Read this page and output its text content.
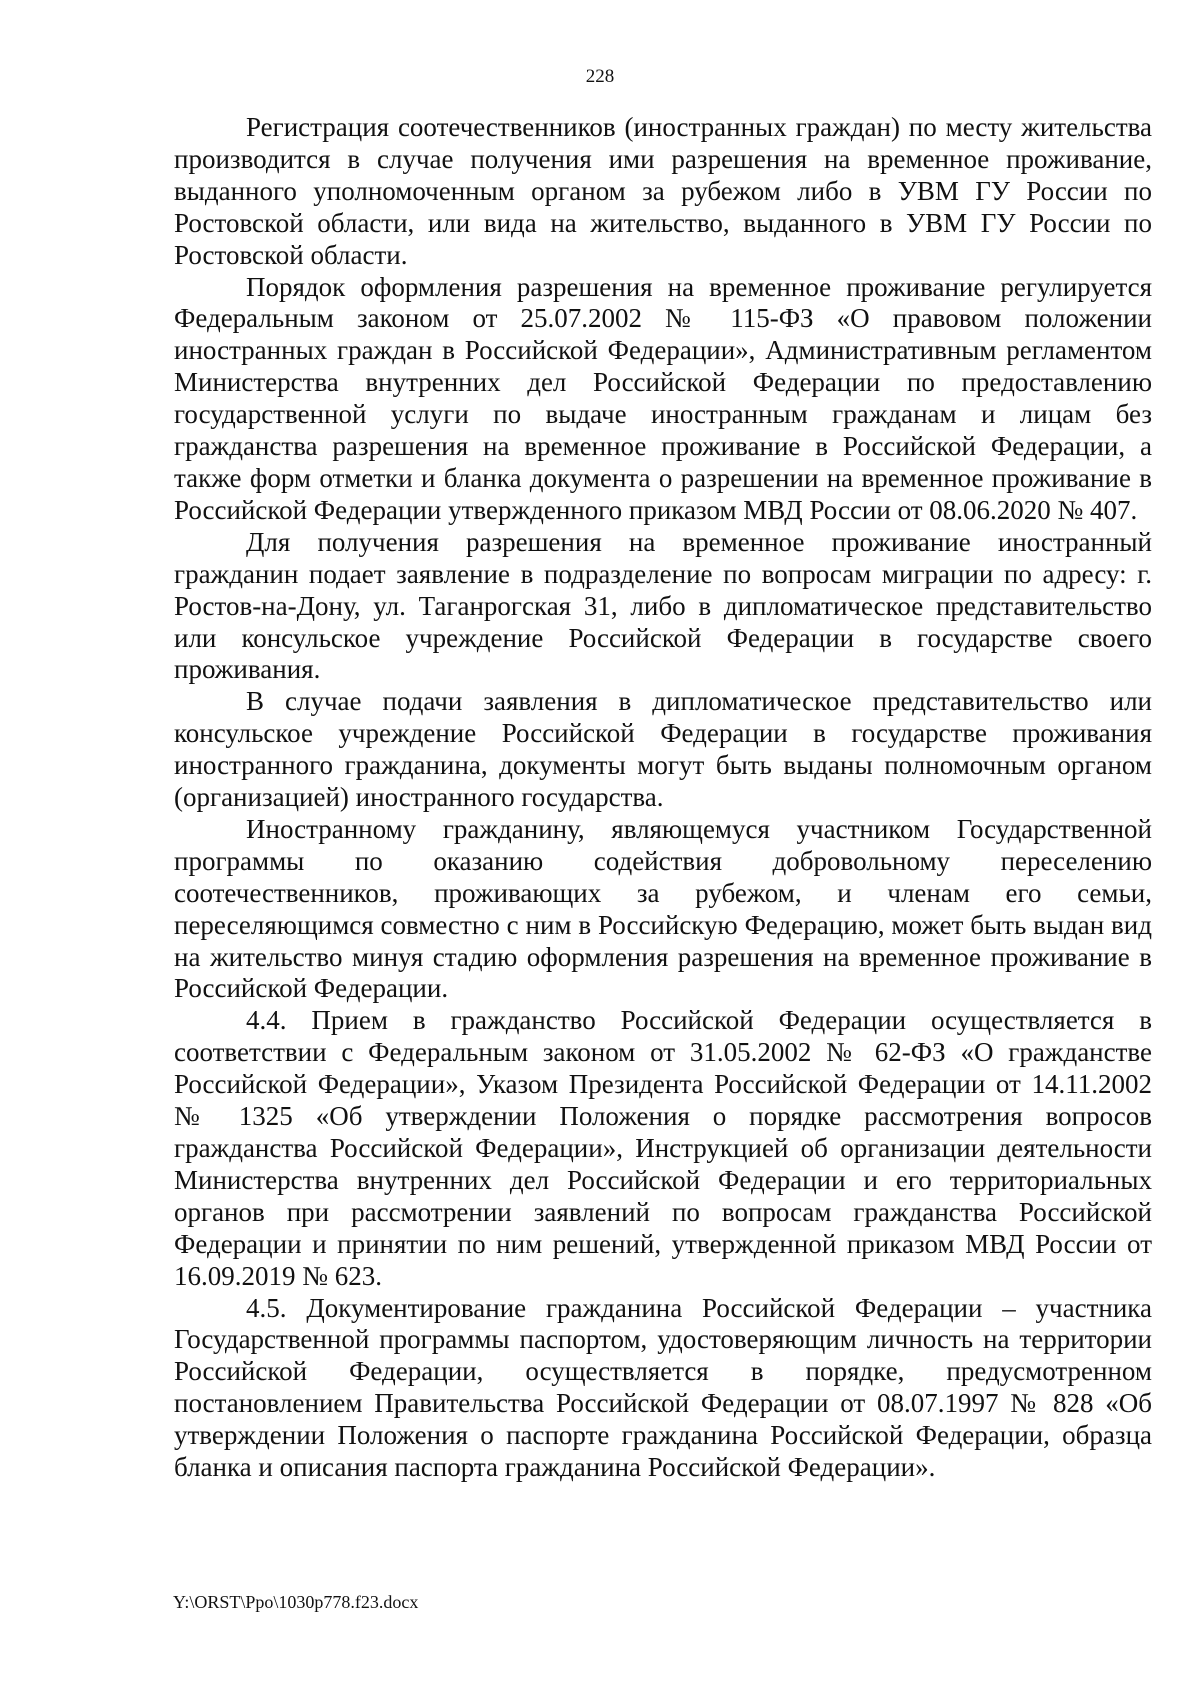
228

Регистрация соотечественников (иностранных граждан) по месту жительства производится в случае получения ими разрешения на временное проживание, выданного уполномоченным органом за рубежом либо в УВМ ГУ России по Ростовской области, или вида на жительство, выданного в УВМ ГУ России по Ростовской области.

Порядок оформления разрешения на временное проживание регулируется Федеральным законом от 25.07.2002 № 115-ФЗ «О правовом положении иностранных граждан в Российской Федерации», Административным регламентом Министерства внутренних дел Российской Федерации по предоставлению государственной услуги по выдаче иностранным гражданам и лицам без гражданства разрешения на временное проживание в Российской Федерации, а также форм отметки и бланка документа о разрешении на временное проживание в Российской Федерации утвержденного приказом МВД России от 08.06.2020 № 407.

Для получения разрешения на временное проживание иностранный гражданин подает заявление в подразделение по вопросам миграции по адресу: г. Ростов-на-Дону, ул. Таганрогская 31, либо в дипломатическое представительство или консульское учреждение Российской Федерации в государстве своего проживания.

В случае подачи заявления в дипломатическое представительство или консульское учреждение Российской Федерации в государстве проживания иностранного гражданина, документы могут быть выданы полномочным органом (организацией) иностранного государства.

Иностранному гражданину, являющемуся участником Государственной программы по оказанию содействия добровольному переселению соотечественников, проживающих за рубежом, и членам его семьи, переселяющимся совместно с ним в Российскую Федерацию, может быть выдан вид на жительство минуя стадию оформления разрешения на временное проживание в Российской Федерации.

4.4. Прием в гражданство Российской Федерации осуществляется в соответствии с Федеральным законом от 31.05.2002 № 62-ФЗ «О гражданстве Российской Федерации», Указом Президента Российской Федерации от 14.11.2002 № 1325 «Об утверждении Положения о порядке рассмотрения вопросов гражданства Российской Федерации», Инструкцией об организации деятельности Министерства внутренних дел Российской Федерации и его территориальных органов при рассмотрении заявлений по вопросам гражданства Российской Федерации и принятии по ним решений, утвержденной приказом МВД России от 16.09.2019 № 623.

4.5. Документирование гражданина Российской Федерации – участника Государственной программы паспортом, удостоверяющим личность на территории Российской Федерации, осуществляется в порядке, предусмотренном постановлением Правительства Российской Федерации от 08.07.1997 № 828 «Об утверждении Положения о паспорте гражданина Российской Федерации, образца бланка и описания паспорта гражданина Российской Федерации».

Y:\ORST\Ppo\1030p778.f23.docx
